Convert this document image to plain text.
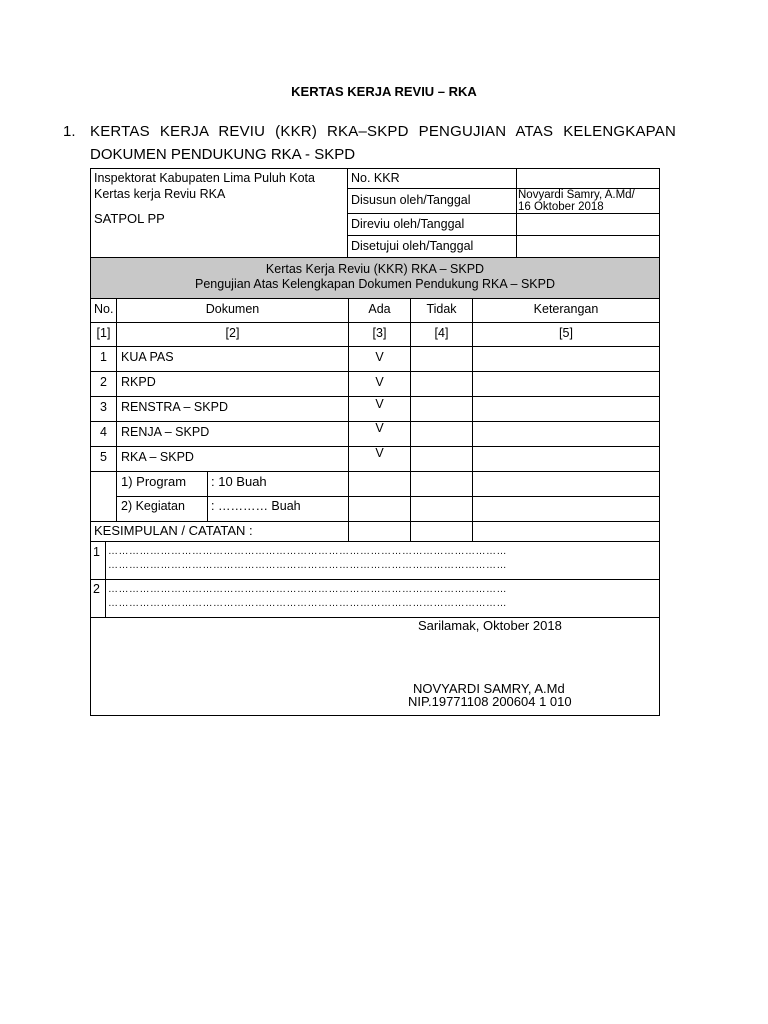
KERTAS KERJA REVIU – RKA
1. KERTAS KERJA REVIU (KKR) RKA–SKPD PENGUJIAN ATAS KELENGKAPAN
DOKUMEN PENDUKUNG RKA - SKPD
Inspektorat Kabupaten Lima Puluh Kota
Kertas kerja Reviu RKA
SATPOL PP
No. KKR
Disusun oleh/Tanggal	Novyardi Samry, A.Md/
16 Oktober 2018
Direviu oleh/Tanggal
Disetujui oleh/Tanggal
Kertas Kerja Reviu (KKR) RKA – SKPD
Pengujian Atas Kelengkapan Dokumen Pendukung RKA – SKPD
No.	Dokumen	Ada	Tidak	Keterangan
[1]	[2]	[3]	[4]	[5]
1	KUA PAS	V
2	RKPD	V
3	RENSTRA – SKPD	V
4	RENJA – SKPD	V
5	RKA – SKPD	V
1) Program : 10 Buah
2) Kegiatan : ………… Buah
KESIMPULAN / CATATAN :
1 ……………………………………………………………………………………………………
……………………………………………………………………………………………………
2 ……………………………………………………………………………………………………
……………………………………………………………………………………………………
Sarilamak, Oktober 2018
NOVYARDI SAMRY, A.Md
NIP.19771108 200604 1 010
